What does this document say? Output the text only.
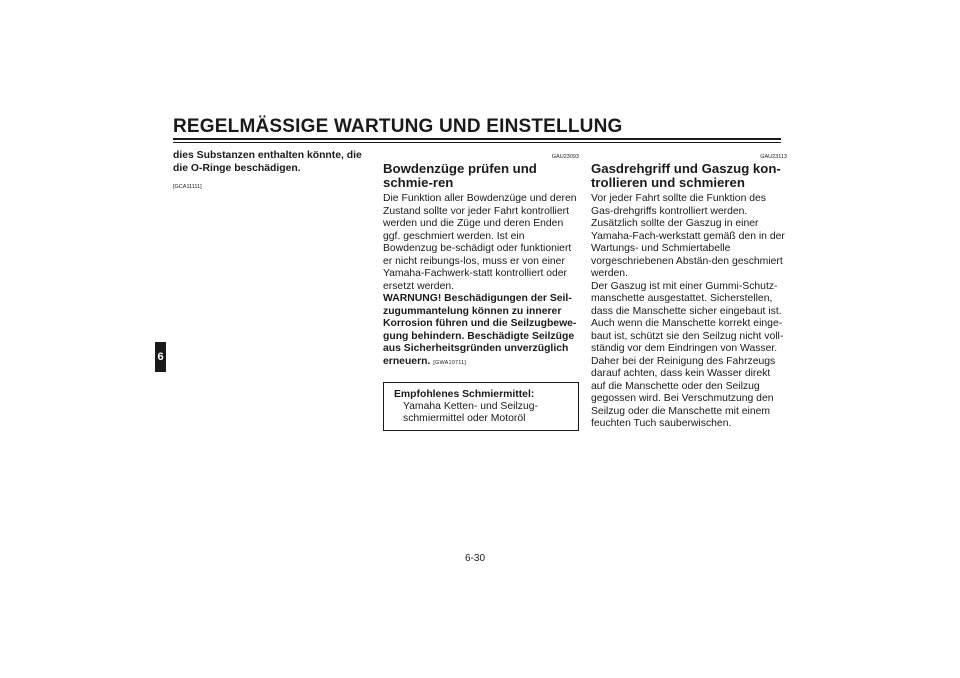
REGELMÄSSIGE WARTUNG UND EINSTELLUNG
6

dies Substanzen enthalten könnte, die die O-Ringe beschädigen.

[GCA11111]
GAU23093
Bowdenzüge prüfen und schmie-ren

Die Funktion aller Bowdenzüge und deren Zustand sollte vor jeder Fahrt kontrolliert werden und die Züge und deren Enden ggf. geschmiert werden. Ist ein Bowdenzug be-schädigt oder funktioniert er nicht reibungs-los, muss er von einer Yamaha-Fachwerk-statt kontrolliert oder ersetzt werden.

WARNUNG! Beschädigungen der Seil-zugummantelung können zu innerer Korrosion führen und die Seilzugbewe-gung behindern. Beschädigte Seilzüge aus Sicherheitsgründen unverzüglich erneuern. [GWA10711]

Empfohlenes Schmiermittel:
Yamaha Ketten- und Seilzug-schmiermittel oder Motoröl
GAU23113
Gasdrehgriff und Gaszug kon-trollieren und schmieren

Vor jeder Fahrt sollte die Funktion des Gas-drehgriffs kontrolliert werden. Zusätzlich sollte der Gaszug in einer Yamaha-Fach-werkstatt gemäß den in der Wartungs- und Schmiertabelle vorgeschriebenen Abstän-den geschmiert werden.

Der Gaszug ist mit einer Gummi-Schutz-manschette ausgestattet. Sicherstellen, dass die Manschette sicher eingebaut ist. Auch wenn die Manschette korrekt einge-baut ist, schützt sie den Seilzug nicht voll-ständig vor dem Eindringen von Wasser. Daher bei der Reinigung des Fahrzeugs darauf achten, dass kein Wasser direkt auf die Manschette oder den Seilzug gegossen wird. Bei Verschmutzung den Seilzug oder die Manschette mit einem feuchten Tuch sauberwischen.

6-30
